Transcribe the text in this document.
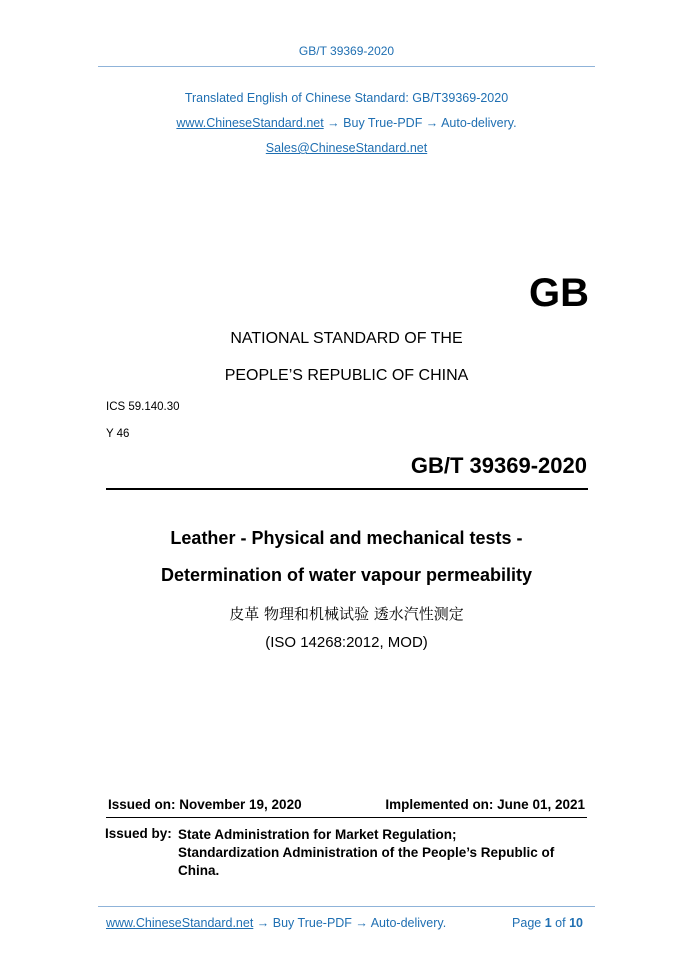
GB/T 39369-2020
Translated English of Chinese Standard: GB/T39369-2020
www.ChineseStandard.net → Buy True-PDF → Auto-delivery.
Sales@ChineseStandard.net
GB
NATIONAL STANDARD OF THE
PEOPLE’S REPUBLIC OF CHINA
ICS 59.140.30
Y 46
GB/T 39369-2020
Leather - Physical and mechanical tests -
Determination of water vapour permeability
皮革 物理和机械试验 透水汽性测定
(ISO 14268:2012, MOD)
Issued on: November 19, 2020	Implemented on: June 01, 2021
Issued by: State Administration for Market Regulation;
Standardization Administration of the People’s Republic of
China.
www.ChineseStandard.net → Buy True-PDF → Auto-delivery.	Page 1 of 10
